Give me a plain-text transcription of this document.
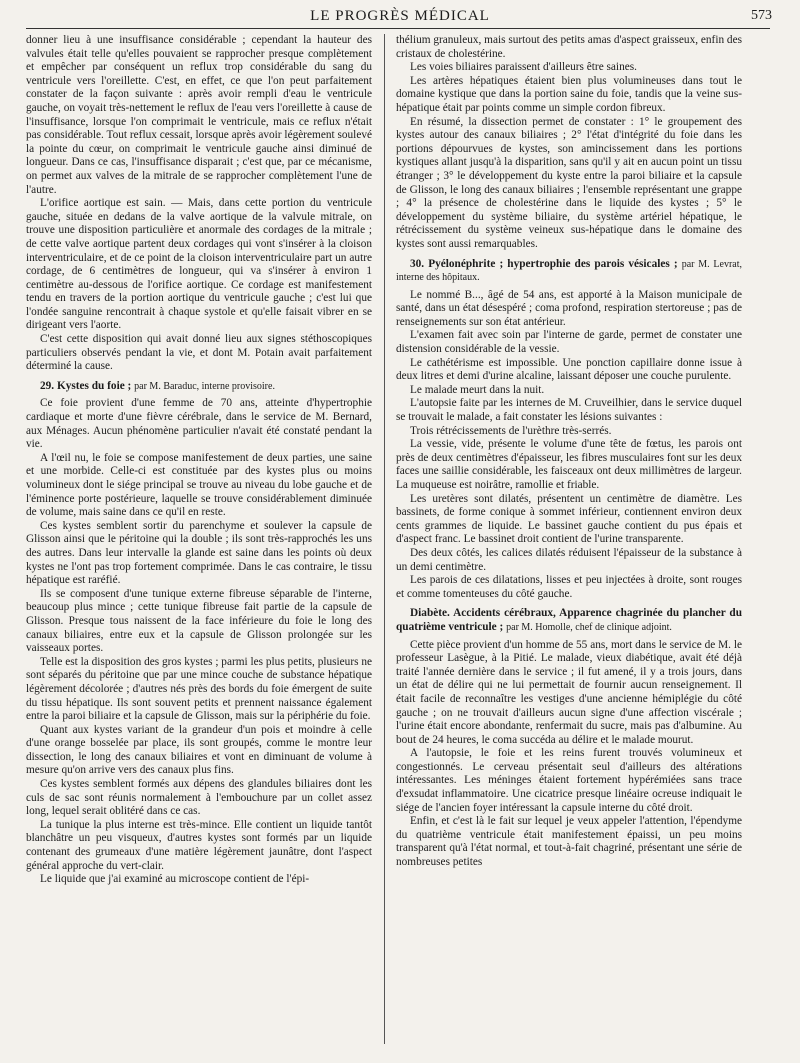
LE PROGRÈS MÉDICAL	573

donner lieu à une insuffisance considérable ; cependant la hauteur des valvules était telle qu'elles pouvaient se rapprocher presque complètement et empêcher par conséquent un reflux trop considérable du sang du ventricule vers l'oreillette. C'est, en effet, ce que l'on peut parfaitement constater de la façon suivante : après avoir rempli d'eau le ventricule gauche, on voyait très-nettement le reflux de l'eau vers l'oreillette à cause de l'insuffisance, lorsque l'on comprimait le ventricule, mais ce reflux n'était pas considérable. Tout reflux cessait, lorsque après avoir légèrement soulevé la pointe du cœur, on comprimait le ventricule gauche ainsi diminué de longueur. Dans ce cas, l'insuffisance disparait ; c'est que, par ce mécanisme, on permet aux valves de la mitrale de se rapprocher complètement l'une de l'autre.

L'orifice aortique est sain. — Mais, dans cette portion du ventricule gauche, située en dedans de la valve aortique de la valvule mitrale, on trouve une disposition particulière et anormale des cordages de la mitrale ; de cette valve aortique partent deux cordages qui vont s'insérer à la cloison interventriculaire, et de ce point de la cloison interventriculaire part un autre cordage, de 6 centimètres de longueur, qui va s'insérer à environ 1 centimètre au-dessous de l'orifice aortique. Ce cordage est manifestement tendu en travers de la portion aortique du ventricule gauche ; c'est lui que l'ondée sanguine rencontrait à chaque systole et qu'elle faisait vibrer en se dirigeant vers l'aorte.

C'est cette disposition qui avait donné lieu aux signes stéthoscopiques particuliers observés pendant la vie, et dont M. Potain avait parfaitement déterminé la cause.

29. Kystes du foie ; par M. Baraduc, interne provisoire.

Ce foie provient d'une femme de 70 ans, atteinte d'hypertrophie cardiaque et morte d'une fièvre cérébrale, dans le service de M. Bernard, aux Ménages. Aucun phénomène particulier n'avait été constaté pendant la vie.

A l'œil nu, le foie se compose manifestement de deux parties, une saine et une morbide. Celle-ci est constituée par des kystes plus ou moins volumineux dont le siége principal se trouve au niveau du lobe gauche et de l'éminence porte postérieure, laquelle se trouve considérablement diminuée de volume, mais saine dans ce qu'il en reste.

Ces kystes semblent sortir du parenchyme et soulever la capsule de Glisson ainsi que le péritoine qui la double ; ils sont très-rapprochés les uns des autres. Dans leur intervalle la glande est saine dans les points où deux kystes ne l'ont pas trop fortement comprimée. Dans le cas contraire, le tissu hépatique est raréfié.

Ils se composent d'une tunique externe fibreuse séparable de l'interne, beaucoup plus mince ; cette tunique fibreuse fait partie de la capsule de Glisson. Presque tous naissent de la face inférieure du foie le long des canaux biliaires, entre eux et la capsule de Glisson prolongée sur les vaisseaux portes.

Telle est la disposition des gros kystes ; parmi les plus petits, plusieurs ne sont séparés du péritoine que par une mince couche de substance hépatique légèrement décolorée ; d'autres nés près des bords du foie émergent de suite du tissu hépatique. Ils sont souvent petits et prennent naissance également entre la paroi biliaire et la capsule de Glisson, mais sur la périphérie du foie.

Quant aux kystes variant de la grandeur d'un pois et moindre à celle d'une orange bosselée par place, ils sont groupés, comme le montre leur dissection, le long des canaux biliaires et vont en diminuant de volume à mesure qu'on arrive vers des canaux plus fins.

Ces kystes semblent formés aux dépens des glandules biliaires dont les culs de sac sont réunis normalement à l'embouchure par un collet assez long, lequel serait oblitéré dans ce cas.

La tunique la plus interne est très-mince. Elle contient un liquide tantôt blanchâtre un peu visqueux, d'autres kystes sont formés par un liquide contenant des grumeaux d'une matière légèrement jaunâtre, dont l'aspect général approche du vert-clair.

Le liquide que j'ai examiné au microscope contient de l'épi-

thélium granuleux, mais surtout des petits amas d'aspect graisseux, enfin des cristaux de cholestérine.

Les voies biliaires paraissent d'ailleurs être saines.

Les artères hépatiques étaient bien plus volumineuses dans tout le domaine kystique que dans la portion saine du foie, tandis que la veine sus-hépatique était par points comme un simple cordon fibreux.

En résumé, la dissection permet de constater : 1° le groupement des kystes autour des canaux biliaires ; 2° l'état d'intégrité du foie dans les portions dépourvues de kystes, son amincissement dans les portions kystiques allant jusqu'à la disparition, sans qu'il y ait en aucun point un tissu étranger ; 3° le développement du kyste entre la paroi biliaire et la capsule de Glisson, le long des canaux biliaires ; l'ensemble représentant une grappe ; 4° la présence de cholestérine dans le liquide des kystes ; 5° le développement du système biliaire, du système artériel hépatique, le rétrécissement du système veineux sus-hépatique dans le domaine des kystes sont aussi remarquables.

30. Pyélonéphrite ; hypertrophie des parois vésicales ; par M. Levrat, interne des hôpitaux.

Le nommé B..., âgé de 54 ans, est apporté à la Maison municipale de santé, dans un état désespéré ; coma profond, respiration stertoreuse ; pas de renseignements sur son état antérieur.

L'examen fait avec soin par l'interne de garde, permet de constater une distension considérable de la vessie.

Le cathétérisme est impossible. Une ponction capillaire donne issue à deux litres et demi d'urine alcaline, laissant déposer une couche purulente.

Le malade meurt dans la nuit.

L'autopsie faite par les internes de M. Cruveilhier, dans le service duquel se trouvait le malade, a fait constater les lésions suivantes :

Trois rétrécissements de l'urèthre très-serrés.

La vessie, vide, présente le volume d'une tête de fœtus, les parois ont près de deux centimètres d'épaisseur, les fibres musculaires font sur les deux faces une saillie considérable, les faisceaux ont deux millimètres de largeur. La muqueuse est noirâtre, ramollie et friable.

Les uretères sont dilatés, présentent un centimètre de diamètre. Les bassinets, de forme conique à sommet inférieur, contiennent environ deux cents grammes de liquide. Le bassinet gauche contient du pus épais et d'aspect franc. Le bassinet droit contient de l'urine transparente.

Des deux côtés, les calices dilatés réduisent l'épaisseur de la substance à un demi centimètre.

Les parois de ces dilatations, lisses et peu injectées à droite, sont rouges et comme tomenteuses du côté gauche.

Diabète. Accidents cérébraux, Apparence chagrinée du plancher du quatrième ventricule ; par M. Homolle, chef de clinique adjoint.

Cette pièce provient d'un homme de 55 ans, mort dans le service de M. le professeur Lasègue, à la Pitié. Le malade, vieux diabétique, avait été déjà traité l'année dernière dans le service ; il fut amené, il y a trois jours, dans un état de délire qui ne lui permettait de fournir aucun renseignement. Il était facile de reconnaître les vestiges d'une ancienne hémiplégie du côté gauche ; on ne trouvait d'ailleurs aucun signe d'une affection viscérale ; l'urine était encore abondante, renfermait du sucre, mais pas d'albumine. Au bout de 24 heures, le coma succéda au délire et le malade mourut.

A l'autopsie, le foie et les reins furent trouvés volumineux et congestionnés. Le cerveau présentait seul d'ailleurs des altérations intéressantes. Les méninges étaient fortement hypérémiées sans trace d'exsudat inflammatoire. Une cicatrice presque linéaire ocreuse indiquait le siége de l'ancien foyer intéressant la capsule interne du côté droit.

Enfin, et c'est là le fait sur lequel je veux appeler l'attention, l'épendyme du quatrième ventricule était manifestement épaissi, un peu moins transparent qu'à l'état normal, et tout-à-fait chagriné, présentant une série de nombreuses petites
